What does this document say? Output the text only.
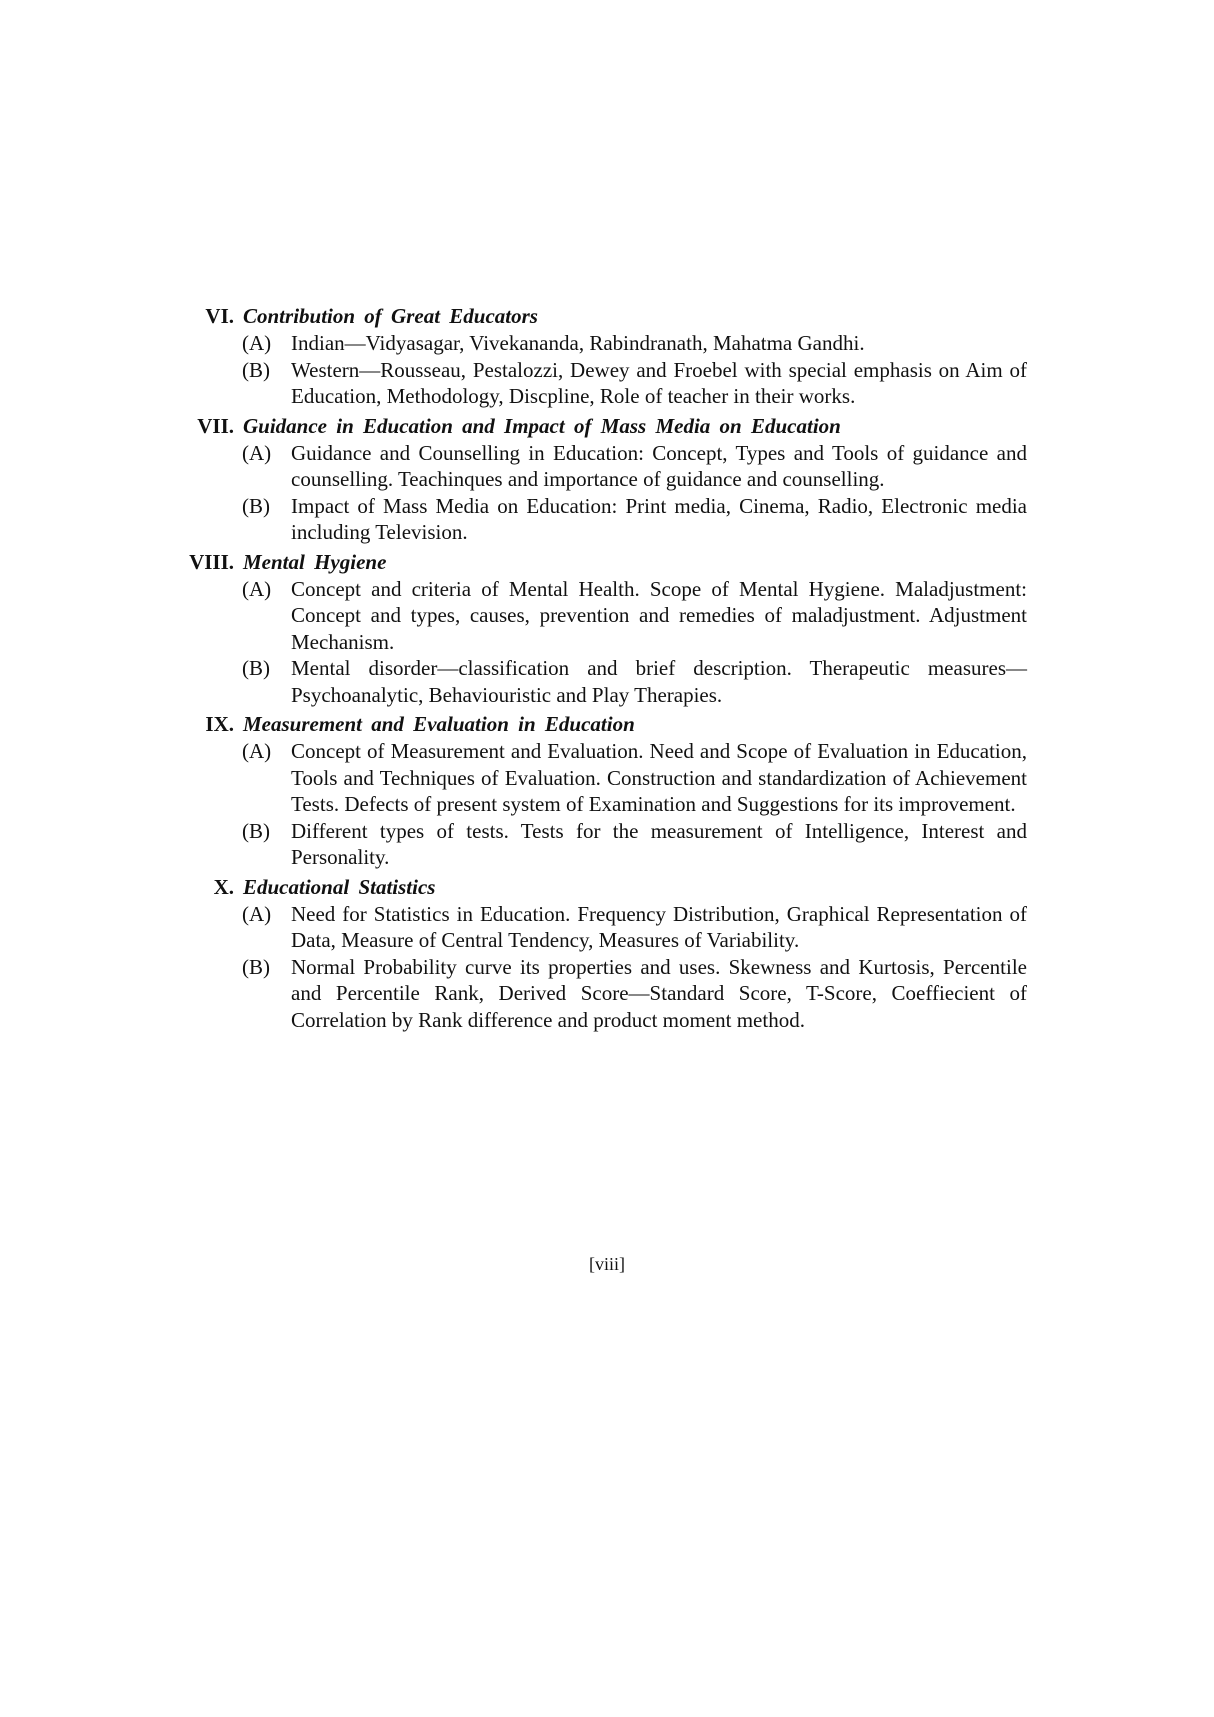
VI. Contribution of Great Educators
(A) Indian—Vidyasagar, Vivekananda, Rabindranath, Mahatma Gandhi.
(B) Western—Rousseau, Pestalozzi, Dewey and Froebel with special emphasis on Aim of Education, Methodology, Discpline, Role of teacher in their works.
VII. Guidance in Education and Impact of Mass Media on Education
(A) Guidance and Counselling in Education: Concept, Types and Tools of guidance and counselling. Teachinques and importance of guidance and counselling.
(B) Impact of Mass Media on Education: Print media, Cinema, Radio, Electronic media including Television.
VIII. Mental Hygiene
(A) Concept and criteria of Mental Health. Scope of Mental Hygiene. Maladjustment: Concept and types, causes, prevention and remedies of maladjustment. Adjustment Mechanism.
(B) Mental disorder—classification and brief description. Therapeutic measures—Psychoanalytic, Behaviouristic and Play Therapies.
IX. Measurement and Evaluation in Education
(A) Concept of Measurement and Evaluation. Need and Scope of Evaluation in Education, Tools and Techniques of Evaluation. Construction and standardization of Achievement Tests. Defects of present system of Examination and Suggestions for its improvement.
(B) Different types of tests. Tests for the measurement of Intelligence, Interest and Personality.
X. Educational Statistics
(A) Need for Statistics in Education. Frequency Distribution, Graphical Representation of Data, Measure of Central Tendency, Measures of Variability.
(B) Normal Probability curve its properties and uses. Skewness and Kurtosis, Percentile and Percentile Rank, Derived Score—Standard Score, T-Score, Coeffiecient of Correlation by Rank difference and product moment method.
[viii]
